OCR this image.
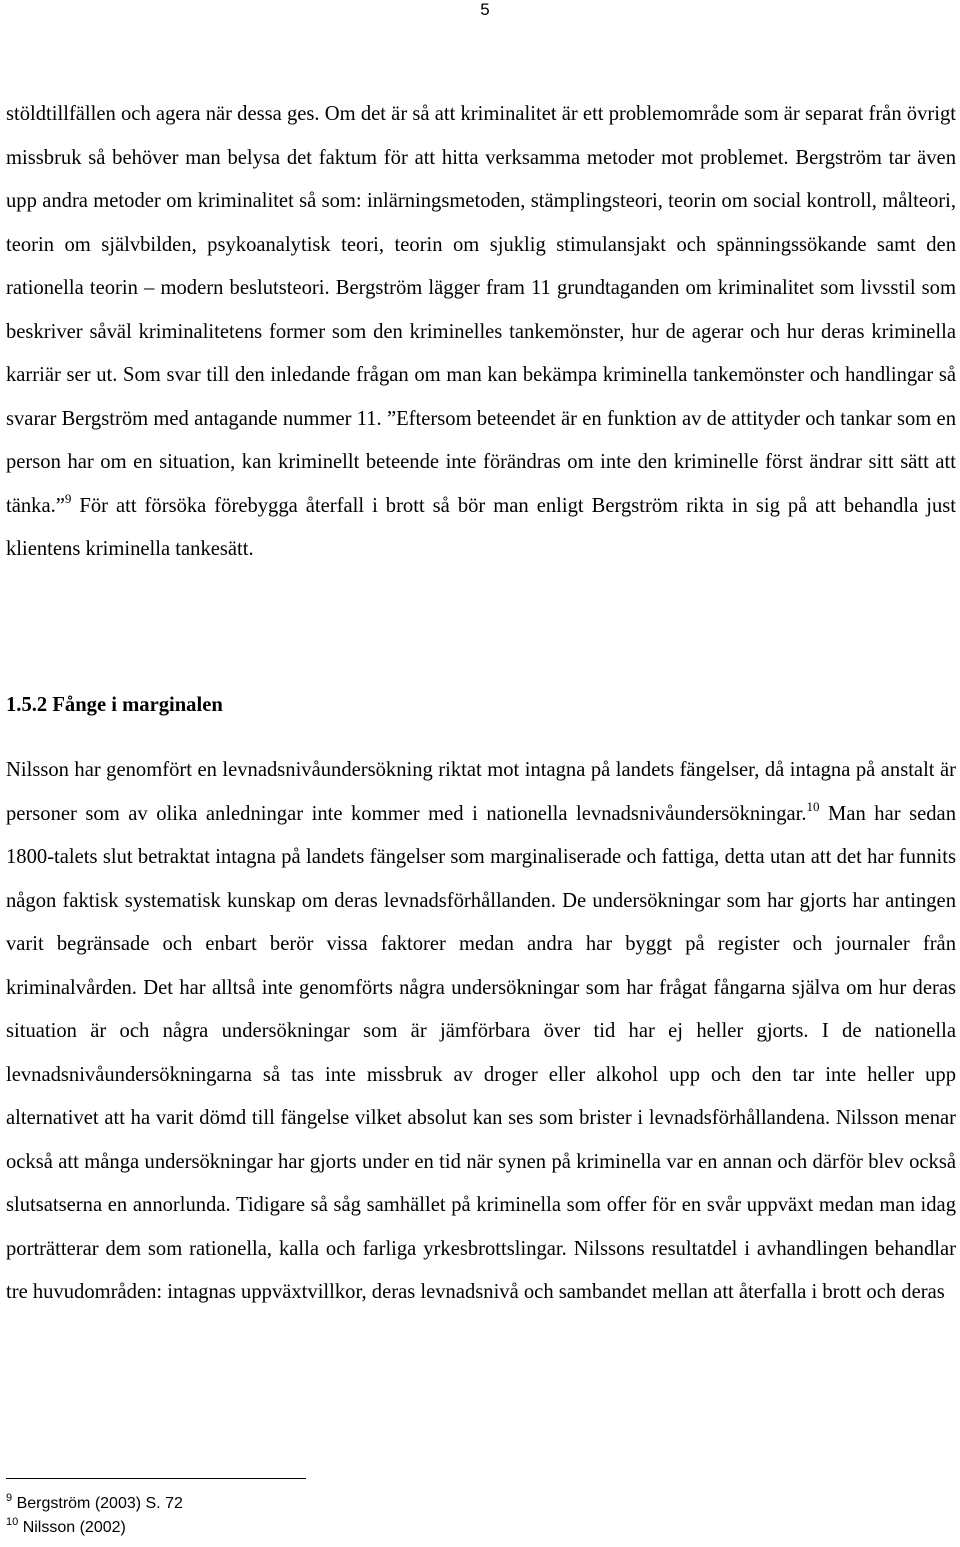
5

stöldtillfällen och agera när dessa ges. Om det är så att kriminalitet är ett problemområde som är separat från övrigt missbruk så behöver man belysa det faktum för att hitta verksamma metoder mot problemet. Bergström tar även upp andra metoder om kriminalitet så som: inlärningsmetoden, stämplingsteori, teorin om social kontroll, målteori, teorin om självbilden, psykoanalytisk teori, teorin om sjuklig stimulansjakt och spänningssökande samt den rationella teorin – modern beslutsteori. Bergström lägger fram 11 grundtaganden om kriminalitet som livsstil som beskriver såväl kriminalitetens former som den kriminelles tankemönster, hur de agerar och hur deras kriminella karriär ser ut. Som svar till den inledande frågan om man kan bekämpa kriminella tankemönster och handlingar så svarar Bergström med antagande nummer 11. ”Eftersom beteendet är en funktion av de attityder och tankar som en person har om en situation, kan kriminellt beteende inte förändras om inte den kriminelle först ändrar sitt sätt att tänka.”$^9$ För att försöka förebygga återfall i brott så bör man enligt Bergström rikta in sig på att behandla just klientens kriminella tankesätt.

1.5.2 Fånge i marginalen

Nilsson har genomfört en levnadsnivåundersökning riktat mot intagna på landets fängelser, då intagna på anstalt är personer som av olika anledningar inte kommer med i nationella levnadsnivåundersökningar.$^{10}$ Man har sedan 1800-talets slut betraktat intagna på landets fängelser som marginaliserade och fattiga, detta utan att det har funnits någon faktisk systematisk kunskap om deras levnadsförhållanden. De undersökningar som har gjorts har antingen varit begränsade och enbart berör vissa faktorer medan andra har byggt på register och journaler från kriminalvården. Det har alltså inte genomförts några undersökningar som har frågat fångarna själva om hur deras situation är och några undersökningar som är jämförbara över tid har ej heller gjorts. I de nationella levnadsnivåundersökningarna så tas inte missbruk av droger eller alkohol upp och den tar inte heller upp alternativet att ha varit dömd till fängelse vilket absolut kan ses som brister i levnadsförhållandena. Nilsson menar också att många undersökningar har gjorts under en tid när synen på kriminella var en annan och därför blev också slutsatserna en annorlunda. Tidigare så såg samhället på kriminella som offer för en svår uppväxt medan man idag porträtterar dem som rationella, kalla och farliga yrkesbrottslingar. Nilssons resultatdel i avhandlingen behandlar tre huvudområden: intagnas uppväxtvillkor, deras levnadsnivå och sambandet mellan att återfalla i brott och deras

$^9$ Bergström (2003) S. 72
$^{10}$ Nilsson (2002)
